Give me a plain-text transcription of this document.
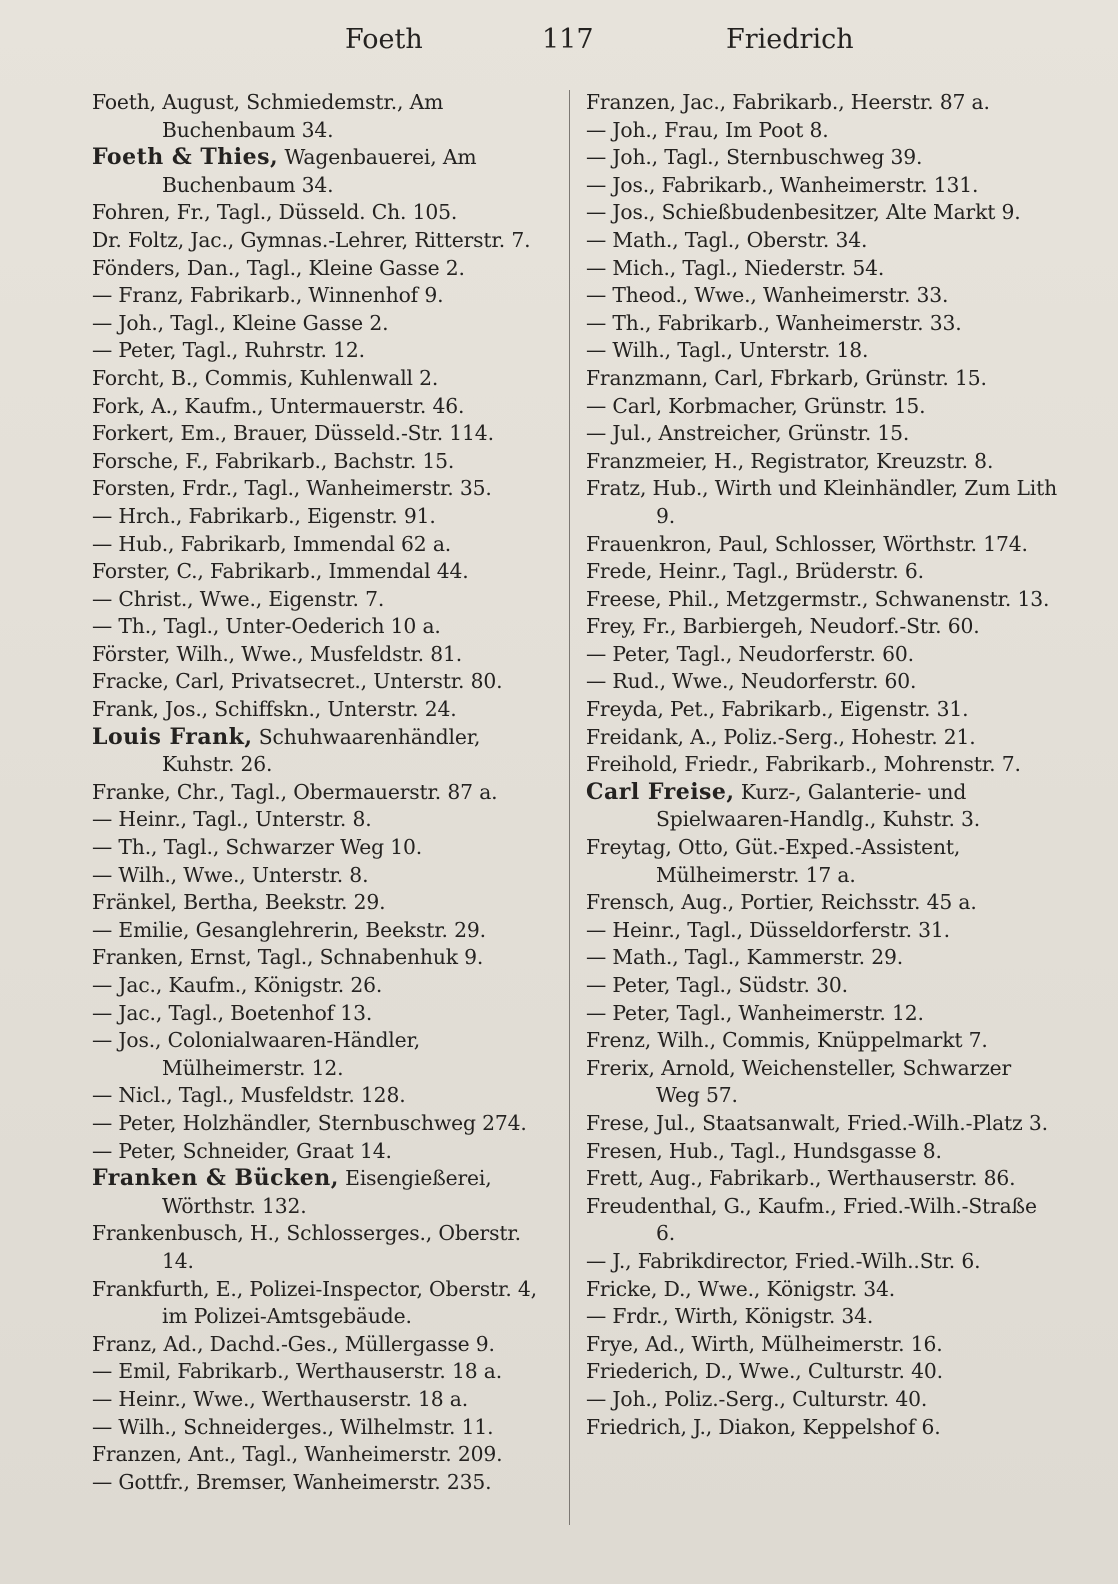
Foeth	117	Friedrich
Foeth, August, Schmiedemstr., Am Buchenbaum 34.
Foeth & Thies, Wagenbauerei, Am Buchenbaum 34.
Fohren, Fr., Tagl., Düsseld. Ch. 105.
Dr. Foltz, Jac., Gymnas.-Lehrer, Ritterstr. 7.
Fönders, Dan., Tagl., Kleine Gasse 2.
— Franz, Fabrikarb., Winnenhof 9.
— Joh., Tagl., Kleine Gasse 2.
— Peter, Tagl., Ruhrstr. 12.
Forcht, B., Commis, Kuhlenwall 2.
Fork, A., Kaufm., Untermauerstr. 46.
Forkert, Em., Brauer, Düsseld.-Str. 114.
Forsche, F., Fabrikarb., Bachstr. 15.
Forsten, Frdr., Tagl., Wanheimerstr. 35.
— Hrch., Fabrikarb., Eigenstr. 91.
— Hub., Fabrikarb, Immendal 62 a.
Forster, C., Fabrikarb., Immendal 44.
— Christ., Wwe., Eigenstr. 7.
— Th., Tagl., Unter-Oederich 10 a.
Förster, Wilh., Wwe., Musfeldstr. 81.
Fracke, Carl, Privatsecret., Unterstr. 80.
Frank, Jos., Schiffskn., Unterstr. 24.
Louis Frank, Schuhwaarenhändler, Kuhstr. 26.
Franke, Chr., Tagl., Obermauerstr. 87 a.
— Heinr., Tagl., Unterstr. 8.
— Th., Tagl., Schwarzer Weg 10.
— Wilh., Wwe., Unterstr. 8.
Fränkel, Bertha, Beekstr. 29.
— Emilie, Gesanglehrerin, Beekstr. 29.
Franken, Ernst, Tagl., Schnabenhuk 9.
— Jac., Kaufm., Königstr. 26.
— Jac., Tagl., Boetenhof 13.
— Jos., Colonialwaaren-Händler, Mülheimerstr. 12.
— Nicl., Tagl., Musfeldstr. 128.
— Peter, Holzhändler, Sternbuschweg 274.
— Peter, Schneider, Graat 14.
Franken & Bücken, Eisengießerei, Wörthstr. 132.
Frankenbusch, H., Schlosserges., Oberstr. 14.
Frankfurth, E., Polizei-Inspector, Oberstr. 4, im Polizei-Amtsgebäude.
Franz, Ad., Dachd.-Ges., Müllergasse 9.
— Emil, Fabrikarb., Werthauserstr. 18 a.
— Heinr., Wwe., Werthauserstr. 18 a.
— Wilh., Schneiderges., Wilhelmstr. 11.
Franzen, Ant., Tagl., Wanheimerstr. 209.
— Gottfr., Bremser, Wanheimerstr. 235.
Franzen, Jac., Fabrikarb., Heerstr. 87 a.
— Joh., Frau, Im Poot 8.
— Joh., Tagl., Sternbuschweg 39.
— Jos., Fabrikarb., Wanheimerstr. 131.
— Jos., Schießbudenbesitzer, Alte Markt 9.
— Math., Tagl., Oberstr. 34.
— Mich., Tagl., Niederstr. 54.
— Theod., Wwe., Wanheimerstr. 33.
— Th., Fabrikarb., Wanheimerstr. 33.
— Wilh., Tagl., Unterstr. 18.
Franzmann, Carl, Fbrkarb, Grünstr. 15.
— Carl, Korbmacher, Grünstr. 15.
— Jul., Anstreicher, Grünstr. 15.
Franzmeier, H., Registrator, Kreuzstr. 8.
Fratz, Hub., Wirth und Kleinhändler, Zum Lith 9.
Frauenkron, Paul, Schlosser, Wörthstr. 174.
Frede, Heinr., Tagl., Brüderstr. 6.
Freese, Phil., Metzgermstr., Schwanenstr. 13.
Frey, Fr., Barbiergeh, Neudorf.-Str. 60.
— Peter, Tagl., Neudorferstr. 60.
— Rud., Wwe., Neudorferstr. 60.
Freyda, Pet., Fabrikarb., Eigenstr. 31.
Freidank, A., Poliz.-Serg., Hohestr. 21.
Freihold, Friedr., Fabrikarb., Mohrenstr. 7.
Carl Freise, Kurz-, Galanterie- und Spielwaaren-Handlg., Kuhstr. 3.
Freytag, Otto, Güt.-Exped.-Assistent, Mülheimerstr. 17 a.
Frensch, Aug., Portier, Reichsstr. 45 a.
— Heinr., Tagl., Düsseldorferstr. 31.
— Math., Tagl., Kammerstr. 29.
— Peter, Tagl., Südstr. 30.
— Peter, Tagl., Wanheimerstr. 12.
Frenz, Wilh., Commis, Knüppelmarkt 7.
Frerix, Arnold, Weichensteller, Schwarzer Weg 57.
Frese, Jul., Staatsanwalt, Fried.-Wilh.-Platz 3.
Fresen, Hub., Tagl., Hundsgasse 8.
Frett, Aug., Fabrikarb., Werthauserstr. 86.
Freudenthal, G., Kaufm., Fried.-Wilh.-Straße 6.
— J., Fabrikdirector, Fried.-Wilh..Str. 6.
Fricke, D., Wwe., Königstr. 34.
— Frdr., Wirth, Königstr. 34.
Frye, Ad., Wirth, Mülheimerstr. 16.
Friederich, D., Wwe., Culturstr. 40.
— Joh., Poliz.-Serg., Culturstr. 40.
Friedrich, J., Diakon, Keppelshof 6.
